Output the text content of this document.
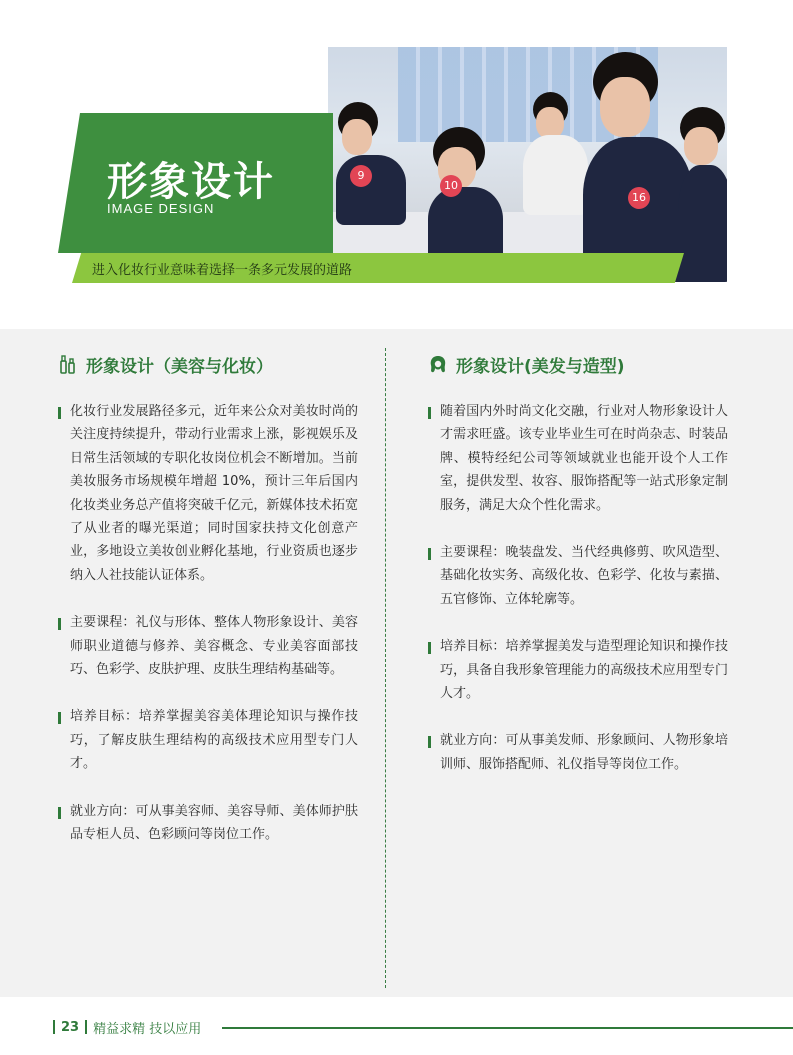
9
10
16
形象设计
IMAGE DESIGN
进入化妆行业意味着选择一条多元发展的道路
形象设计（美容与化妆）
化妆行业发展路径多元，近年来公众对美妆时尚的关注度持续提升，带动行业需求上涨，影视娱乐及日常生活领域的专职化妆岗位机会不断增加。当前美妆服务市场规模年增超 10%，预计三年后国内化妆类业务总产值将突破千亿元，新媒体技术拓宽了从业者的曝光渠道；同时国家扶持文化创意产业，多地设立美妆创业孵化基地，行业资质也逐步纳入人社技能认证体系。
主要课程：礼仪与形体、整体人物形象设计、美容师职业道德与修养、美容概念、专业美容面部技巧、色彩学、皮肤护理、皮肤生理结构基础等。
培养目标：培养掌握美容美体理论知识与操作技巧，了解皮肤生理结构的高级技术应用型专门人才。
就业方向：可从事美容师、美容导师、美体师护肤品专柜人员、色彩顾问等岗位工作。
形象设计(美发与造型)
随着国内外时尚文化交融，行业对人物形象设计人才需求旺盛。该专业毕业生可在时尚杂志、时装品牌、模特经纪公司等领域就业也能开设个人工作室，提供发型、妆容、服饰搭配等一站式形象定制服务，满足大众个性化需求。
主要课程：晚装盘发、当代经典修剪、吹风造型、基础化妆实务、高级化妆、色彩学、化妆与素描、五官修饰、立体轮廓等。
培养目标：培养掌握美发与造型理论知识和操作技巧，具备自我形象管理能力的高级技术应用型专门人才。
就业方向：可从事美发师、形象顾问、人物形象培训师、服饰搭配师、礼仪指导等岗位工作。
23 精益求精 技以应用
